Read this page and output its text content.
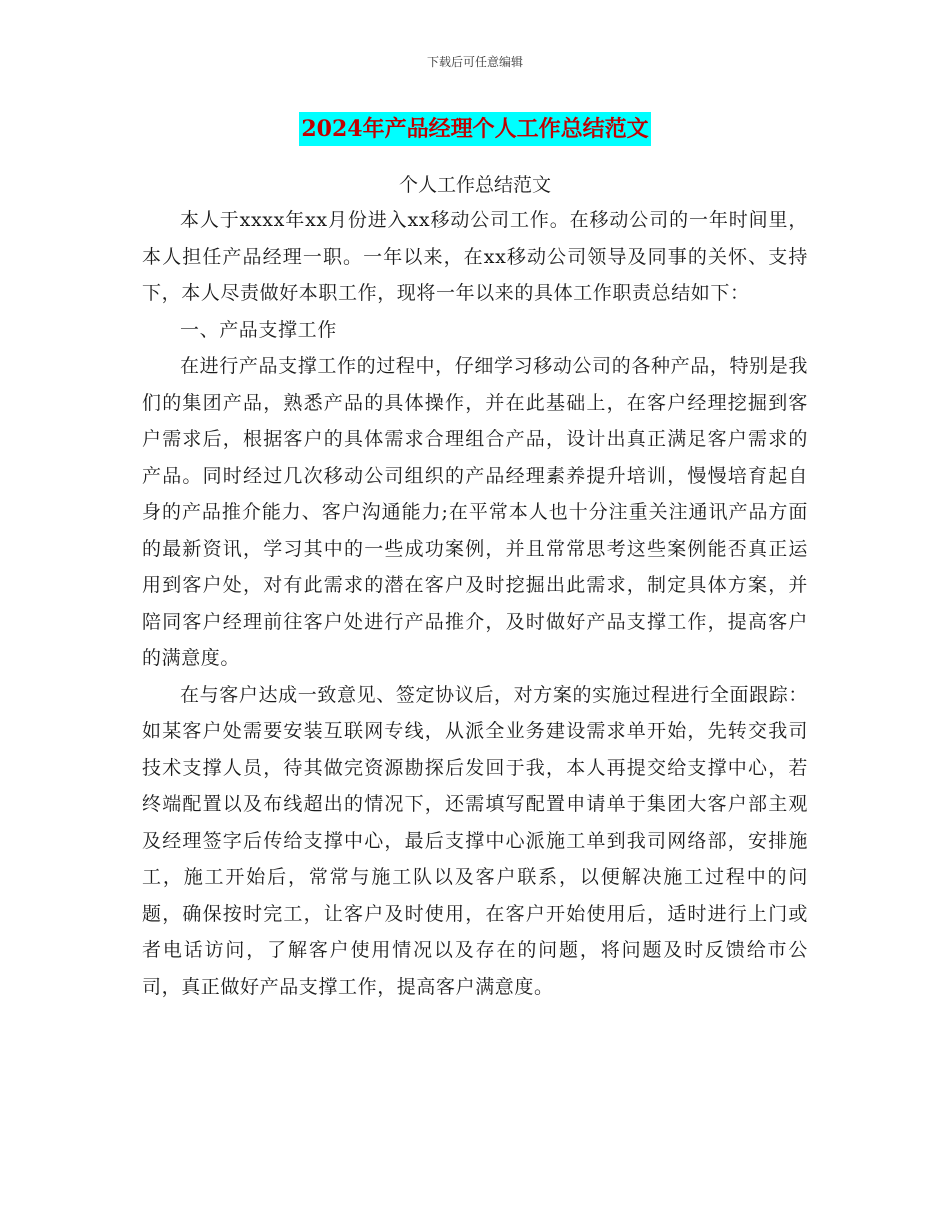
下载后可任意编辑
2024年产品经理个人工作总结范文
个人工作总结范文

本人于xxxx年xx月份进入xx移动公司工作。在移动公司的一年时间里，本人担任产品经理一职。一年以来，在xx移动公司领导及同事的关怀、支持下，本人尽责做好本职工作，现将一年以来的具体工作职责总结如下：

一、产品支撑工作

在进行产品支撑工作的过程中，仔细学习移动公司的各种产品，特别是我们的集团产品，熟悉产品的具体操作，并在此基础上，在客户经理挖掘到客户需求后，根据客户的具体需求合理组合产品，设计出真正满足客户需求的产品。同时经过几次移动公司组织的产品经理素养提升培训，慢慢培育起自身的产品推介能力、客户沟通能力;在平常本人也十分注重关注通讯产品方面的最新资讯，学习其中的一些成功案例，并且常常思考这些案例能否真正运用到客户处，对有此需求的潜在客户及时挖掘出此需求，制定具体方案，并陪同客户经理前往客户处进行产品推介，及时做好产品支撑工作，提高客户的满意度。

在与客户达成一致意见、签定协议后，对方案的实施过程进行全面跟踪：如某客户处需要安装互联网专线，从派全业务建设需求单开始，先转交我司技术支撑人员，待其做完资源勘探后发回于我，本人再提交给支撑中心，若终端配置以及布线超出的情况下，还需填写配置申请单于集团大客户部主观及经理签字后传给支撑中心，最后支撑中心派施工单到我司网络部，安排施工，施工开始后，常常与施工队以及客户联系，以便解决施工过程中的问题，确保按时完工，让客户及时使用，在客户开始使用后，适时进行上门或者电话访问，了解客户使用情况以及存在的问题，将问题及时反馈给市公司，真正做好产品支撑工作，提高客户满意度。
